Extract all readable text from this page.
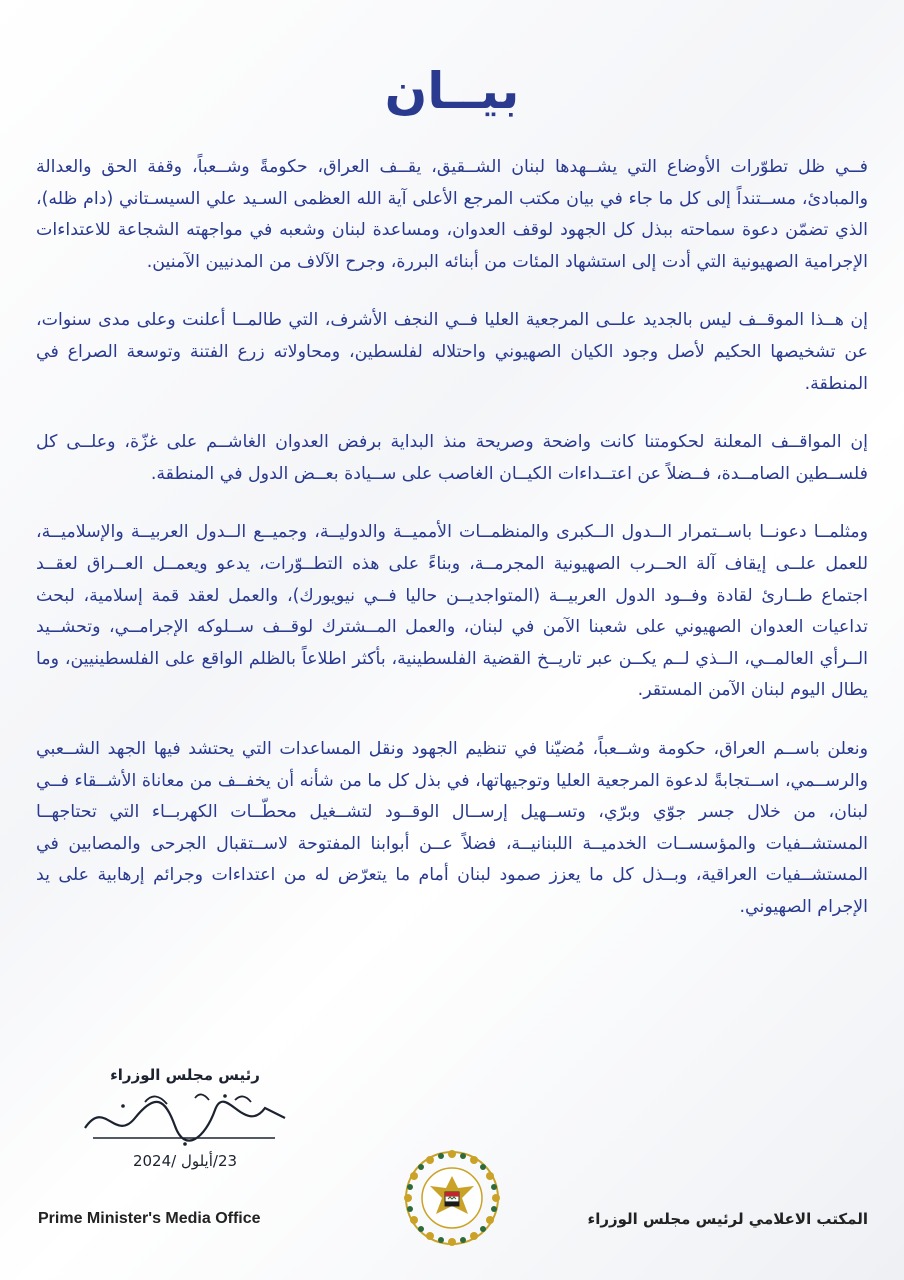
بيــان

فــي ظل تطوّرات الأوضاع التي يشــهدها لبنان الشــقيق، يقــف العراق، حكومةً وشــعباً، وقفة الحق والعدالة والمبادئ، مســتنداً إلى كل ما جاء في بيان مكتب المرجع الأعلى آية الله العظمى السـيد علي السيسـتاني (دام ظله)، الذي تضمّن دعوة سماحته ببذل كل الجهود لوقف العدوان، ومساعدة لبنان وشعبه في مواجهته الشجاعة للاعتداءات الإجرامية الصهيونية التي أدت إلى استشهاد المئات من أبنائه البررة، وجرح الآلاف من المدنيين الآمنين.

إن هــذا الموقــف ليس بالجديد علــى المرجعية العليا فــي النجف الأشرف، التي طالمــا أعلنت وعلى مدى سنوات، عن تشخيصها الحكيم لأصل وجود الكيان الصهيوني واحتلاله لفلسطين، ومحاولاته زرع الفتنة وتوسعة الصراع في المنطقة.

إن المواقــف المعلنة لحكومتنا كانت واضحة وصريحة منذ البداية برفض العدوان الغاشــم على غزّة، وعلــى كل فلســطين الصامــدة، فــضلاً عن اعتــداءات الكيــان الغاصب على ســيادة بعــض الدول في المنطقة.

ومثلمــا دعونــا باســتمرار الــدول الــكبرى والمنظمــات الأمميــة والدوليــة، وجميــع الــدول العربيــة والإسلاميــة، للعمل علــى إيقاف آلة الحــرب الصهيونية المجرمــة، وبناءً على هذه التطــوّرات، يدعو ويعمــل العــراق لعقــد اجتماع طــارئ لقادة وفــود الدول العربيــة (المتواجديــن حاليا فــي نيويورك)، والعمل لعقد قمة إسلامية، لبحث تداعيات العدوان الصهيوني على شعبنا الآمن في لبنان، والعمل المــشترك لوقــف ســلوكه الإجرامــي، وتحشــيد الــرأي العالمــي، الــذي لــم يكــن عبر تاريــخ القضية الفلسطينية، بأكثر اطلاعاً بالظلم الواقع على الفلسطينيين، وما يطال اليوم لبنان الآمن المستقر.

ونعلن باســم العراق، حكومة وشــعباً، مُضيّنا في تنظيم الجهود ونقل المساعدات التي يحتشد فيها الجهد الشــعبي والرســمي، اســتجابةً لدعوة المرجعية العليا وتوجيهاتها، في بذل كل ما من شأنه أن يخفــف من معاناة الأشــقاء فــي لبنان، من خلال جسر جوّي وبرّي، وتســهيل إرســال الوقــود لتشــغيل محطّــات الكهربــاء التي تحتاجهــا المستشــفيات والمؤسســات الخدميــة اللبنانيــة، فضلاً عــن أبوابنا المفتوحة لاســتقبال الجرحى والمصابين في المستشــفيات العراقية، وبــذل كل ما يعزز صمود لبنان أمام ما يتعرّض له من اعتداءات وجرائم إرهابية على يد الإجرام الصهيوني.

رئيس مجلس الوزراء
23/أيلول /2024
Prime Minister's Media Office	المكتب الاعلامي لرئيس مجلس الوزراء
